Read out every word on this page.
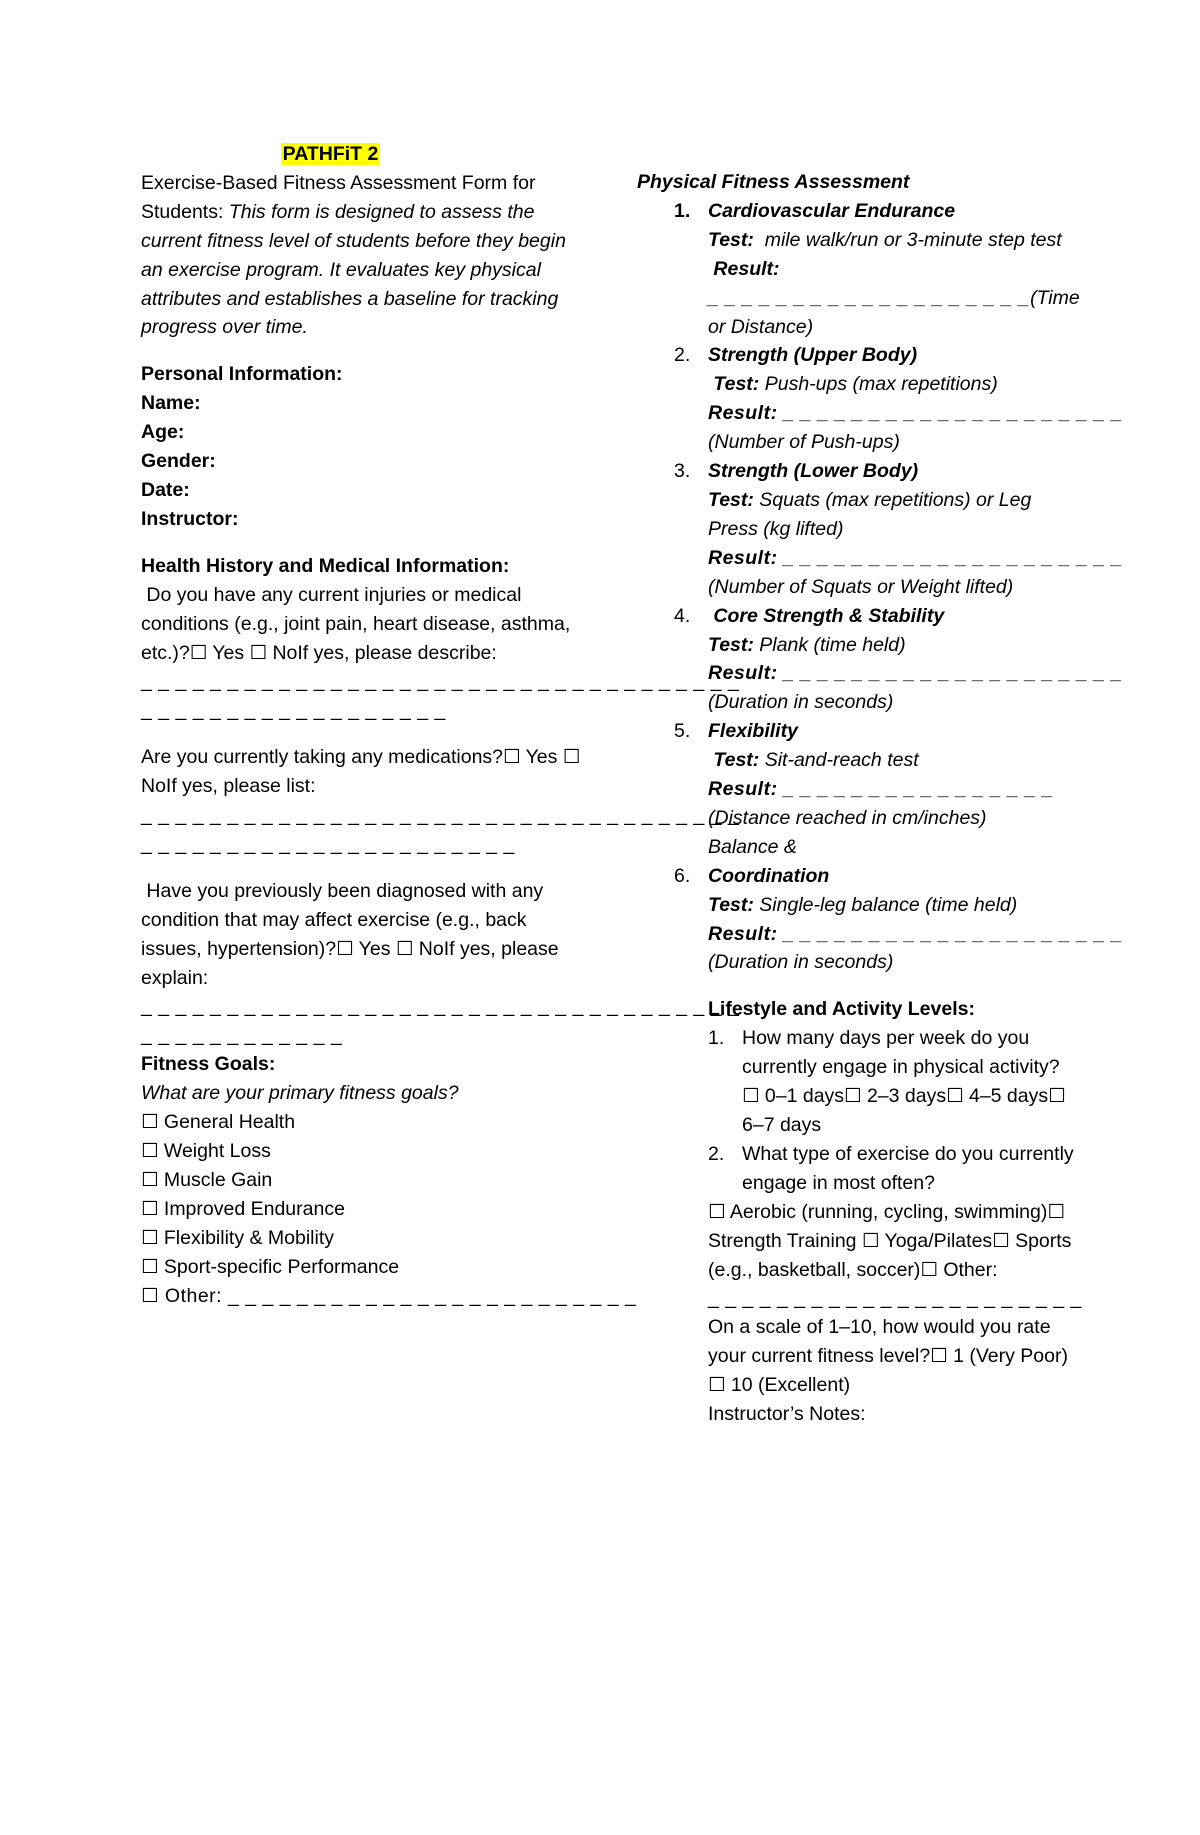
PATHFiT 2

Exercise-Based Fitness Assessment Form for Students: This form is designed to assess the current fitness level of students before they begin an exercise program. It evaluates key physical attributes and establishes a baseline for tracking progress over time.

Personal Information:
Name:
Age:
Gender:
Date:
Instructor:
Health History and Medical Information:

Do you have any current injuries or medical conditions (e.g., joint pain, heart disease, asthma, etc.)?☐ Yes ☐ NoIf yes, please describe:

_ _ _ _ _ _ _ _ _ _ _ _ _ _ _ _ _ _ _ _ _ _ _ _ _ _ _ _ _ _ _ _ _ _ _
_ _ _ _ _ _ _ _ _ _ _ _ _ _ _ _ _ _

Are you currently taking any medications?☐ Yes ☐ NoIf yes, please list:

_ _ _ _ _ _ _ _ _ _ _ _ _ _ _ _ _ _ _ _ _ _ _ _ _ _ _ _ _ _ _ _ _ _ _
_ _ _ _ _ _ _ _ _ _ _ _ _ _ _ _ _ _ _ _ _ _

Have you previously been diagnosed with any condition that may affect exercise (e.g., back issues, hypertension)?☐ Yes ☐ NoIf yes, please explain:

_ _ _ _ _ _ _ _ _ _ _ _ _ _ _ _ _ _ _ _ _ _ _ _ _ _ _ _ _ _ _ _ _ _ _
_ _ _ _ _ _ _ _ _ _ _ _
Fitness Goals:
What are your primary fitness goals?
☐ General Health
☐ Weight Loss
☐ Muscle Gain
☐ Improved Endurance
☐ Flexibility & Mobility
☐ Sport-specific Performance
☐ Other: _ _ _ _ _ _ _ _ _ _ _ _ _ _ _ _ _ _ _ _ _ _ _ _
Physical Fitness Assessment
1. Cardiovascular Endurance
Test:  mile walk/run or 3-minute step test
Result:
_ _ _ _ _ _ _ _ _ _ _ _ _ _ _ _ _ _ _(Time or Distance)
2. Strength (Upper Body)
Test: Push-ups (max repetitions)
Result: _ _ _ _ _ _ _ _ _ _ _ _ _ _ _ _ _ _ _ _
(Number of Push-ups)
3. Strength (Lower Body)
Test: Squats (max repetitions) or Leg Press (kg lifted)
Result: _ _ _ _ _ _ _ _ _ _ _ _ _ _ _ _ _ _ _ _
(Number of Squats or Weight lifted)
4. Core Strength & Stability
Test: Plank (time held)
Result: _ _ _ _ _ _ _ _ _ _ _ _ _ _ _ _ _ _ _ _
(Duration in seconds)
5. Flexibility
Test: Sit-and-reach test
Result: _ _ _ _ _ _ _ _ _ _ _ _ _ _ _ _
(Distance reached in cm/inches)
Balance &
6. Coordination
Test: Single-leg balance (time held)
Result: _ _ _ _ _ _ _ _ _ _ _ _ _ _ _ _ _ _ _ _
(Duration in seconds)
Lifestyle and Activity Levels:
1. How many days per week do you currently engage in physical activity?
☐ 0–1 days☐ 2–3 days☐ 4–5 days☐ 6–7 days
2. What type of exercise do you currently engage in most often?
☐ Aerobic (running, cycling, swimming)☐ Strength Training ☐ Yoga/Pilates☐ Sports (e.g., basketball, soccer)☐ Other:
_ _ _ _ _ _ _ _ _ _ _ _ _ _ _ _ _ _ _ _ _ _
On a scale of 1–10, how would you rate your current fitness level?☐ 1 (Very Poor) ☐ 10 (Excellent)
Instructor’s Notes:
